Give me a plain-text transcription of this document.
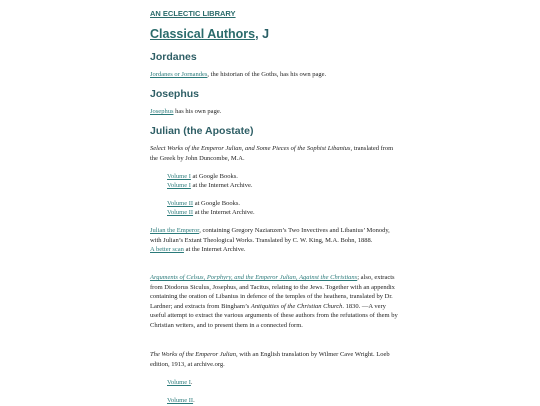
AN ECLECTIC LIBRARY
Classical Authors, J
Jordanes
Jordanes or Jornandes, the historian of the Goths, has his own page.
Josephus
Josephus has his own page.
Julian (the Apostate)
Select Works of the Emperor Julian, and Some Pieces of the Sophist Libanius, translated from the Greek by John Duncombe, M.A.
Volume I at Google Books.
Volume I at the Internet Archive.
Volume II at Google Books.
Volume II at the Internet Archive.
Julian the Emperor, containing Gregory Nazianzen’s Two Invectives and Libanius’ Monody, with Julian’s Extant Theological Works. Translated by C. W. King, M.A. Bohn, 1888.
A better scan at the Internet Archive.
Arguments of Celsus, Porphyry, and the Emperor Julian, Against the Christians; also, extracts from Diodorus Siculus, Josephus, and Tacitus, relating to the Jews. Together with an appendix containing the oration of Libanius in defence of the temples of the heathens, translated by Dr. Lardner; and extracts from Bingham’s Antiquities of the Christian Church. 1830. —A very useful attempt to extract the various arguments of these authors from the refutations of them by Christian writers, and to present them in a connected form.
The Works of the Emperor Julian, with an English translation by Wilmer Cave Wright. Loeb edition, 1913, at archive.org.
Volume I.
Volume II.
